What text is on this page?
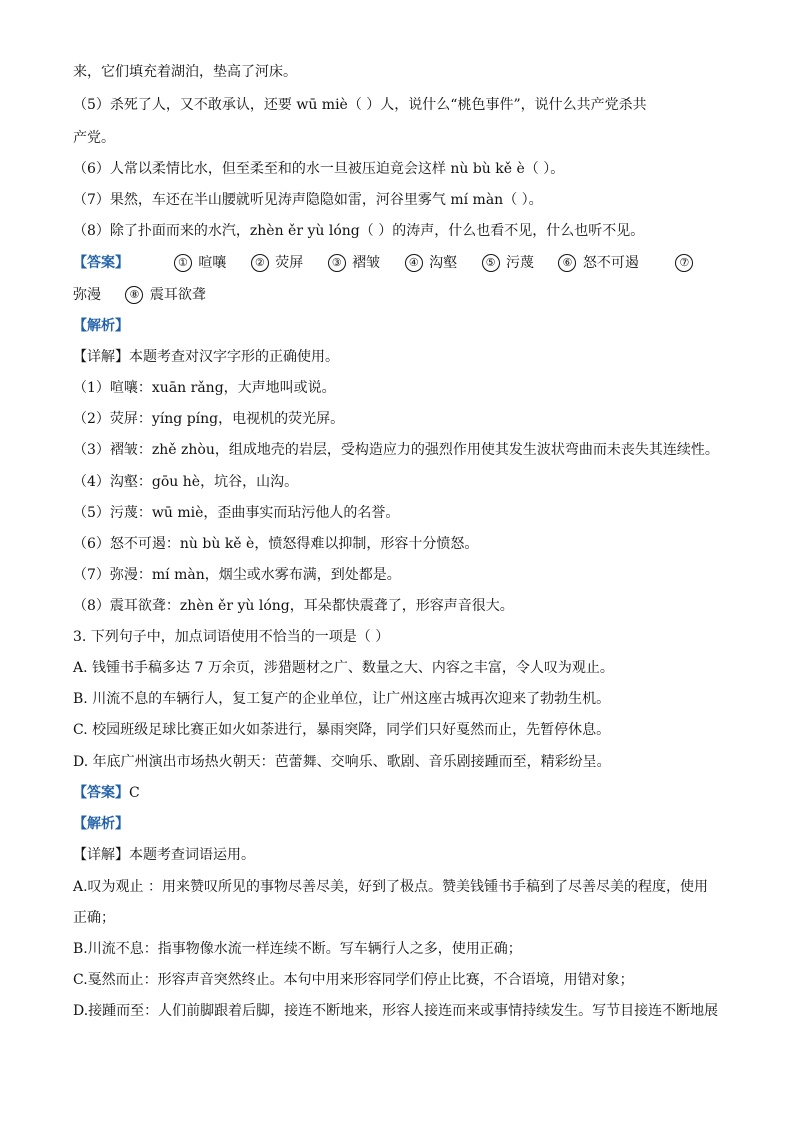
来，它们填充着湖泊，垫高了河床。
（5）杀死了人，又不敢承认，还要 wū miè（ ）人，说什么“桃色事件”，说什么共产党杀共
产党。
（6）人常以柔情比水，但至柔至和的水一旦被压迫竟会这样 nù bù kě è（ ）。
（7）果然，车还在半山腰就听见涛声隐隐如雷，河谷里雾气 mí màn（ ）。
（8）除了扑面而来的水汽，zhèn ěr yù lóng（ ）的涛声，什么也看不见，什么也听不见。
【答案】	① 喧嚷	② 荧屏	③ 褶皱	④ 沟壑	⑤ 污蔑	⑥ 怒不可遏	⑦
弥漫	⑧ 震耳欲聋
【解析】
【详解】本题考查对汉字字形的正确使用。
（1）喧嚷：xuān rǎng，大声地叫或说。
（2）荧屏：yíng píng，电视机的荧光屏。
（3）褶皱：zhě zhòu，组成地壳的岩层，受构造应力的强烈作用使其发生波状弯曲而未丧失其连续性。
（4）沟壑：gōu hè，坑谷，山沟。
（5）污蔑：wū miè，歪曲事实而玷污他人的名誉。
（6）怒不可遏：nù bù kě è，愤怒得难以抑制，形容十分愤怒。
（7）弥漫：mí màn，烟尘或水雾布满，到处都是。
（8）震耳欲聋：zhèn ěr yù lóng，耳朵都快震聋了，形容声音很大。
3. 下列句子中，加点词语使用不恰当的一项是（ ）
A. 钱锺书手稿多达 7 万余页，涉猎题材之广、数量之大、内容之丰富，令人叹为观止。
B. 川流不息的车辆行人，复工复产的企业单位，让广州这座古城再次迎来了勃勃生机。
C. 校园班级足球比赛正如火如荼进行，暴雨突降，同学们只好戛然而止，先暂停休息。
D. 年底广州演出市场热火朝天：芭蕾舞、交响乐、歌剧、音乐剧接踵而至，精彩纷呈。
【答案】C
【解析】
【详解】本题考查词语运用。
A.叹为观止 ：用来赞叹所见的事物尽善尽美，好到了极点。赞美钱锺书手稿到了尽善尽美的程度，使用
正确；
B.川流不息：指事物像水流一样连续不断。写车辆行人之多，使用正确；
C.戛然而止：形容声音突然终止。本句中用来形容同学们停止比赛，不合语境，用错对象；
D.接踵而至：人们前脚跟着后脚，接连不断地来，形容人接连而来或事情持续发生。写节目接连不断地展
